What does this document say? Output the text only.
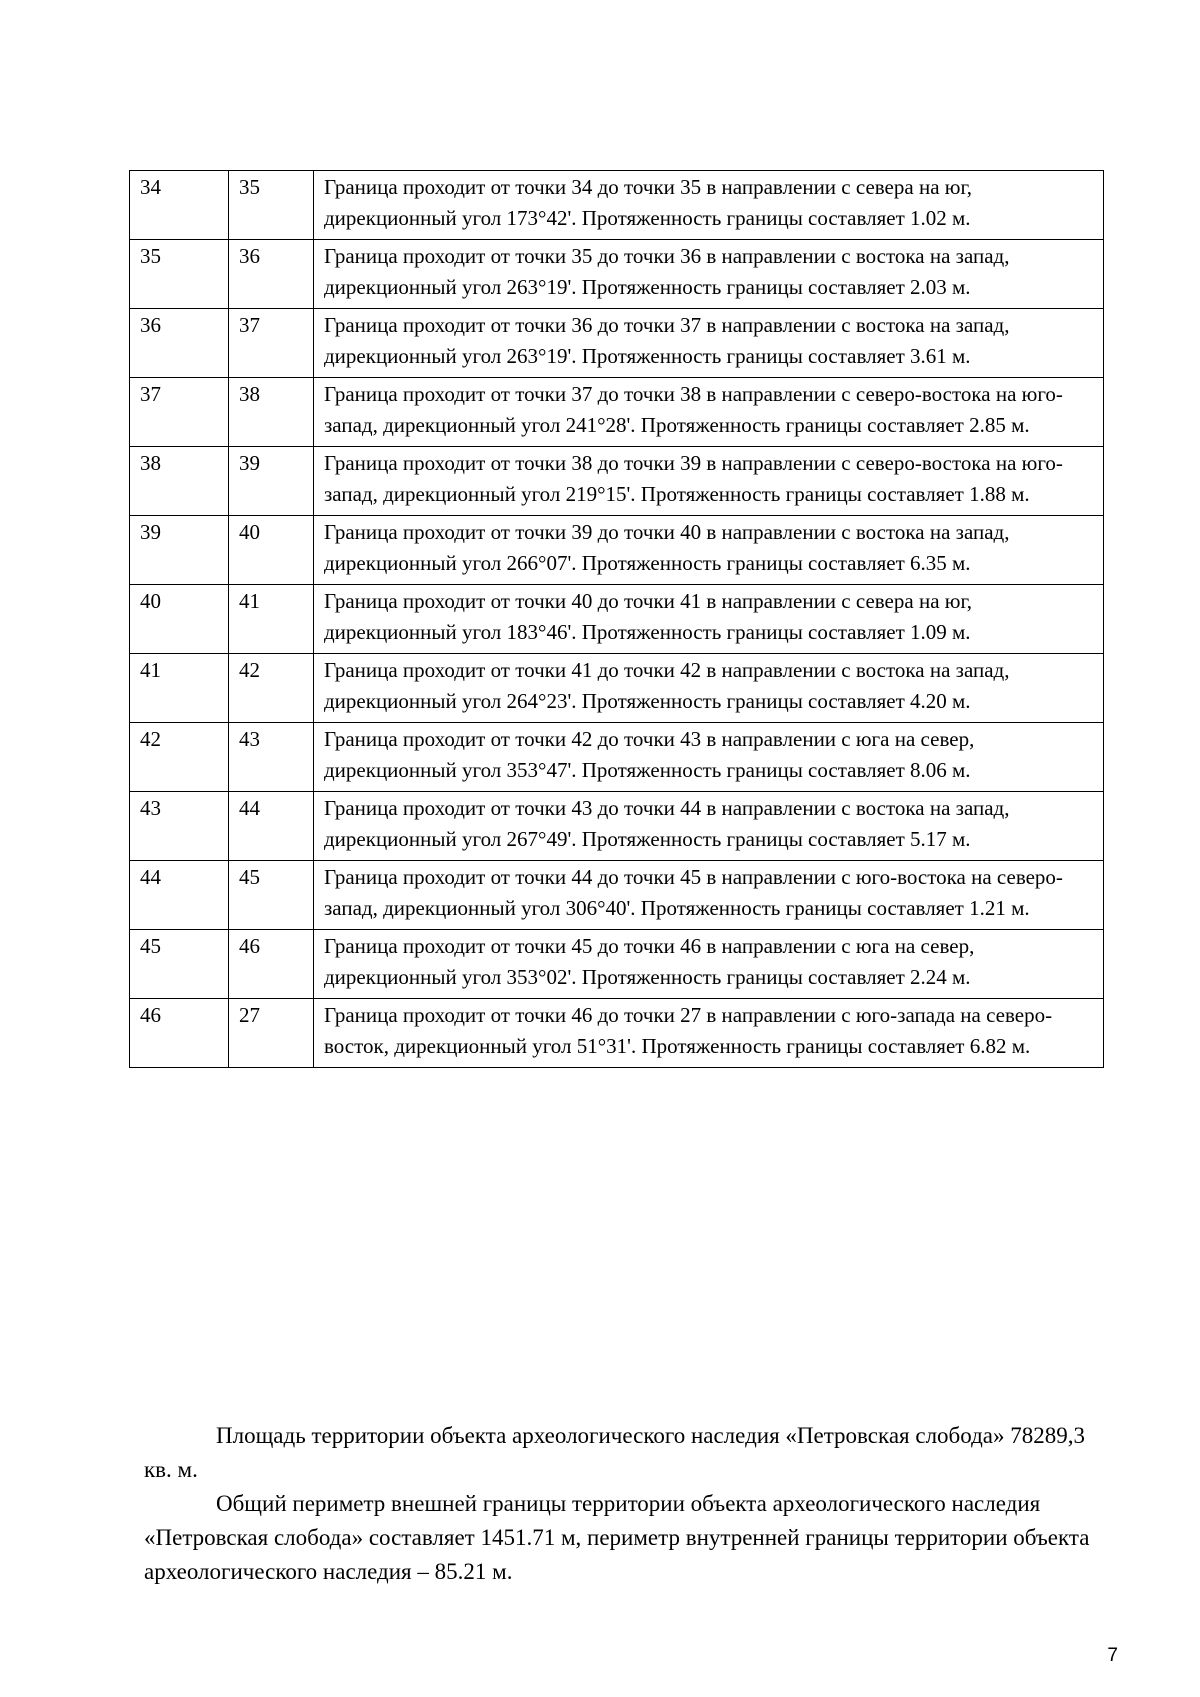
34	35	Граница проходит от точки 34 до точки 35 в направлении с севера на юг, дирекционный угол 173°42'. Протяженность границы составляет 1.02 м.
35	36	Граница проходит от точки 35 до точки 36 в направлении с востока на запад, дирекционный угол 263°19'. Протяженность границы составляет 2.03 м.
36	37	Граница проходит от точки 36 до точки 37 в направлении с востока на запад, дирекционный угол 263°19'. Протяженность границы составляет 3.61 м.
37	38	Граница проходит от точки 37 до точки 38 в направлении с северо-востока на юго-запад, дирекционный угол 241°28'. Протяженность границы составляет 2.85 м.
38	39	Граница проходит от точки 38 до точки 39 в направлении с северо-востока на юго-запад, дирекционный угол 219°15'. Протяженность границы составляет 1.88 м.
39	40	Граница проходит от точки 39 до точки 40 в направлении с востока на запад, дирекционный угол 266°07'. Протяженность границы составляет 6.35 м.
40	41	Граница проходит от точки 40 до точки 41 в направлении с севера на юг, дирекционный угол 183°46'. Протяженность границы составляет 1.09 м.
41	42	Граница проходит от точки 41 до точки 42 в направлении с востока на запад, дирекционный угол 264°23'. Протяженность границы составляет 4.20 м.
42	43	Граница проходит от точки 42 до точки 43 в направлении с юга на север, дирекционный угол 353°47'. Протяженность границы составляет 8.06 м.
43	44	Граница проходит от точки 43 до точки 44 в направлении с востока на запад, дирекционный угол 267°49'. Протяженность границы составляет 5.17 м.
44	45	Граница проходит от точки 44 до точки 45 в направлении с юго-востока на северо-запад, дирекционный угол 306°40'. Протяженность границы составляет 1.21 м.
45	46	Граница проходит от точки 45 до точки 46 в направлении с юга на север, дирекционный угол 353°02'. Протяженность границы составляет 2.24 м.
46	27	Граница проходит от точки 46 до точки 27 в направлении с юго-запада на северо-восток, дирекционный угол 51°31'. Протяженность границы составляет 6.82 м.

Площадь территории объекта археологического наследия «Петровская слобода» 78289,3 кв. м.

Общий периметр внешней границы территории объекта археологического наследия «Петровская слобода» составляет 1451.71 м, периметр внутренней границы территории объекта археологического наследия – 85.21 м.

7
